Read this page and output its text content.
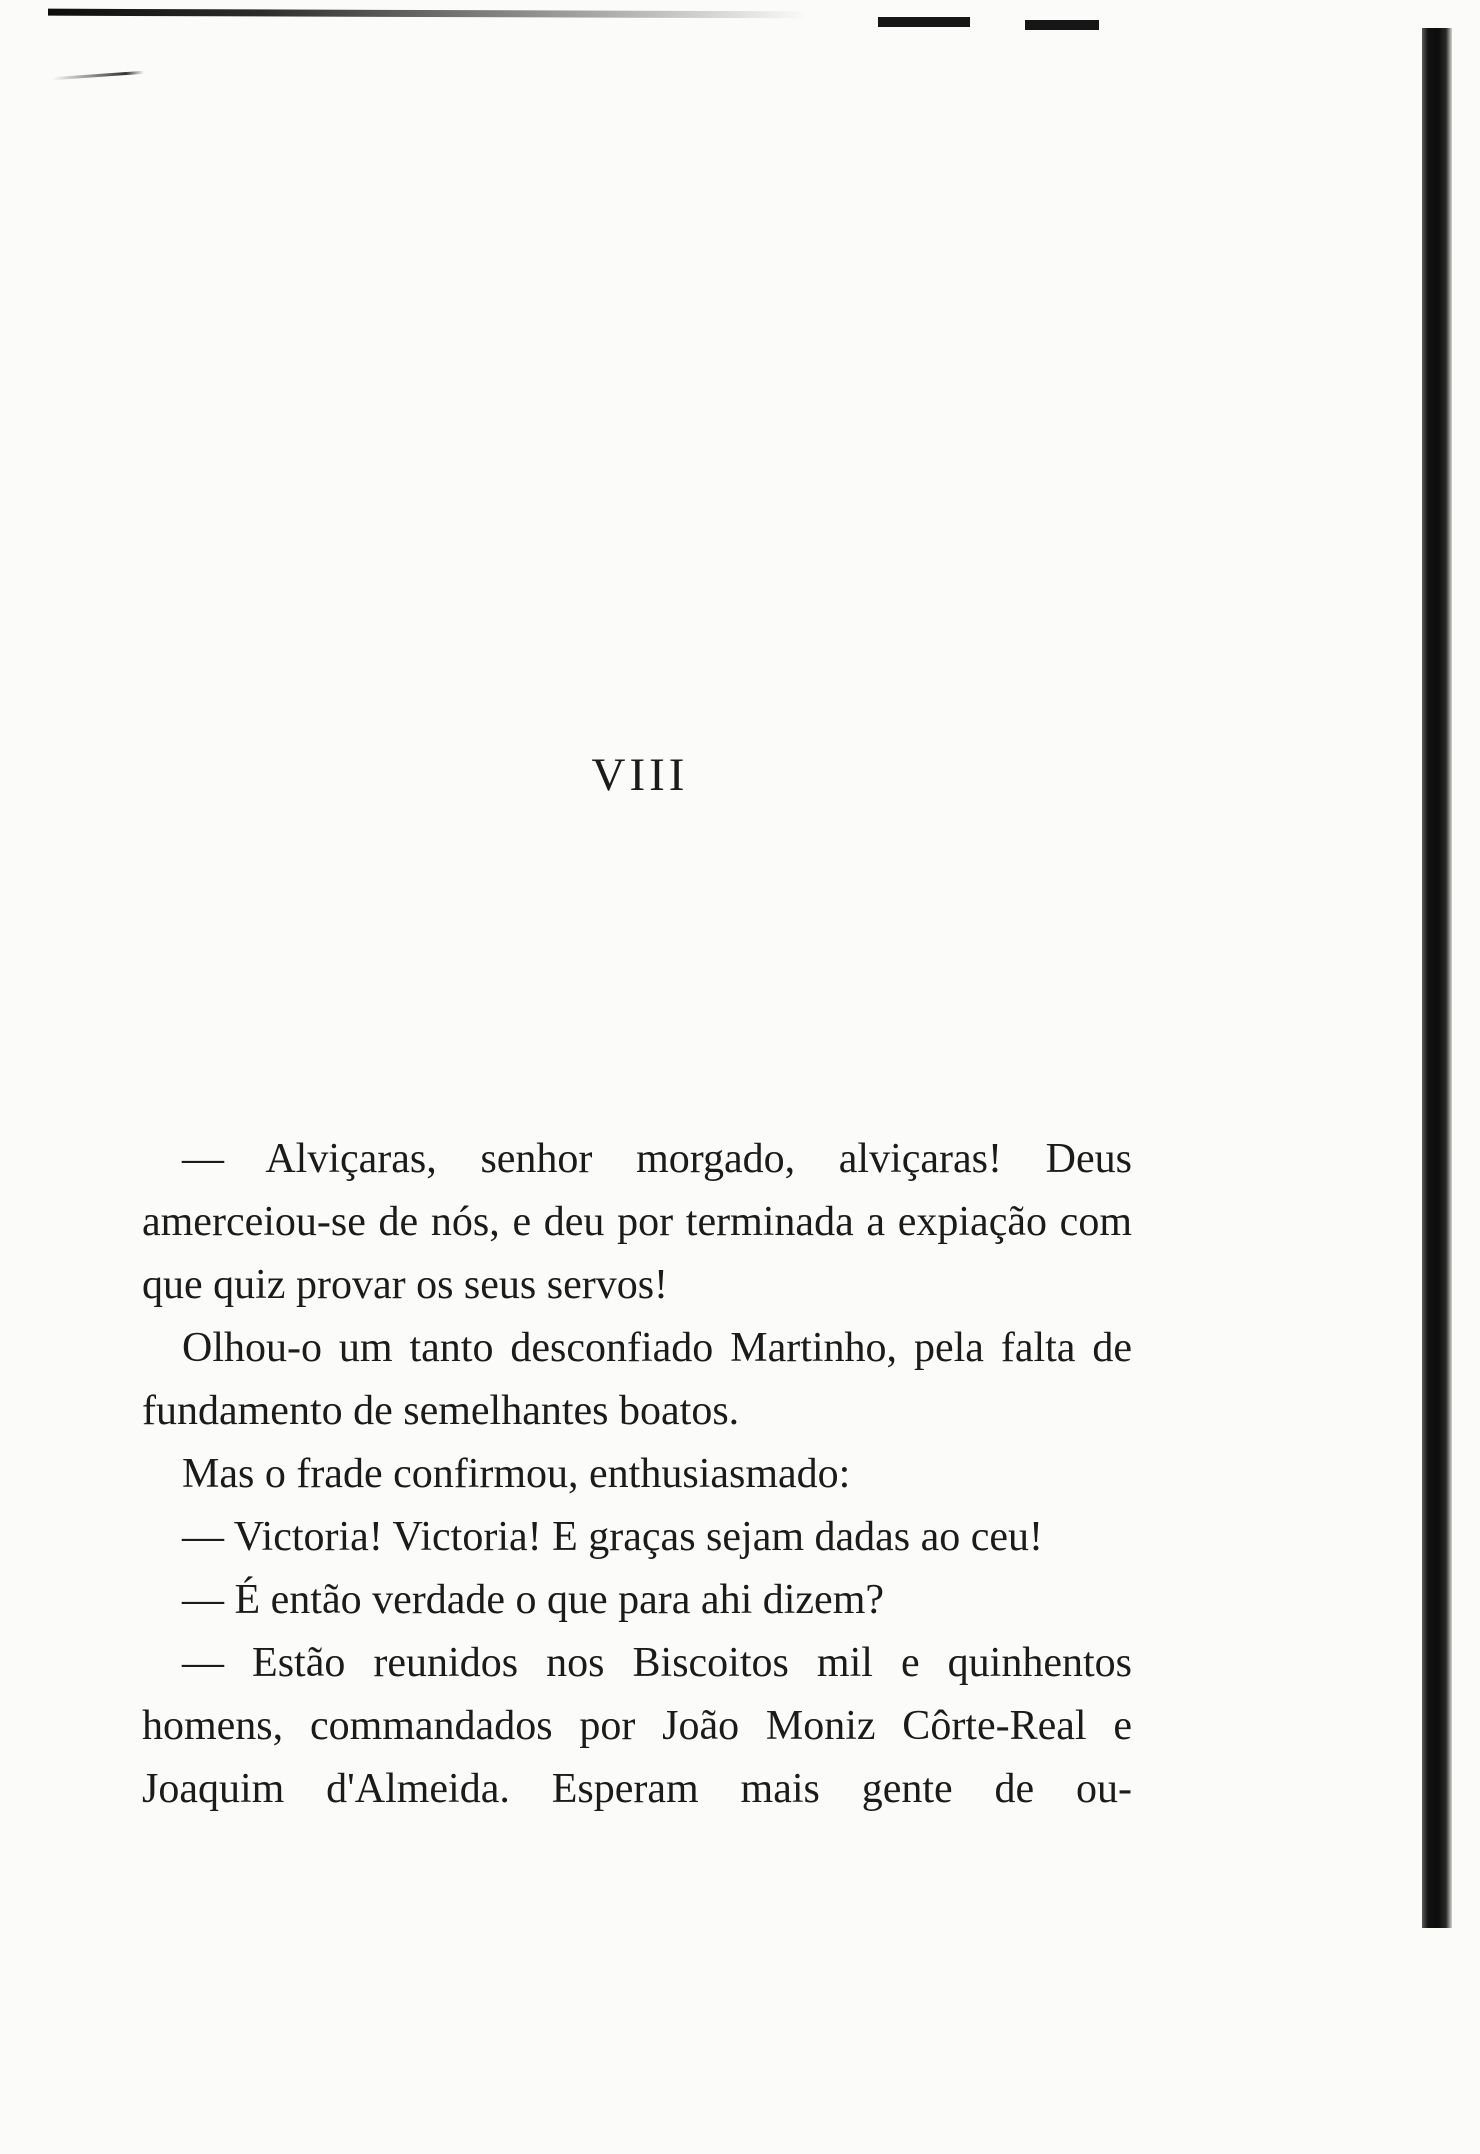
VIII

— Alviçaras, senhor morgado, alviçaras! Deus amerceiou-se de nós, e deu por terminada a expiação com que quiz provar os seus servos!

Olhou-o um tanto desconfiado Martinho, pela falta de fundamento de semelhantes boatos.

Mas o frade confirmou, enthusiasmado:

— Victoria! Victoria! E graças sejam dadas ao ceu!

— É então verdade o que para ahi dizem?

— Estão reunidos nos Biscoitos mil e quinhentos homens, commandados por João Moniz Côrte-Real e Joaquim d'Almeida. Esperam mais gente de ou-
